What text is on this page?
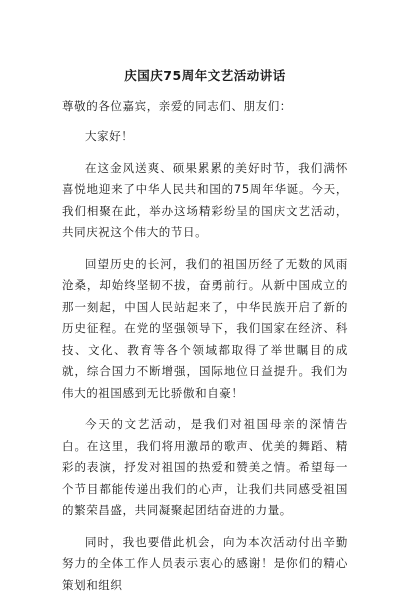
庆国庆75周年文艺活动讲话
尊敬的各位嘉宾，亲爱的同志们、朋友们：

大家好！

在这金风送爽、硕果累累的美好时节，我们满怀喜悦地迎来了中华人民共和国的75周年华诞。今天，我们相聚在此，举办这场精彩纷呈的国庆文艺活动，共同庆祝这个伟大的节日。

回望历史的长河，我们的祖国历经了无数的风雨沧桑，却始终坚韧不拔，奋勇前行。从新中国成立的那一刻起，中国人民站起来了，中华民族开启了新的历史征程。在党的坚强领导下，我们国家在经济、科技、文化、教育等各个领域都取得了举世瞩目的成就，综合国力不断增强，国际地位日益提升。我们为伟大的祖国感到无比骄傲和自豪！

今天的文艺活动，是我们对祖国母亲的深情告白。在这里，我们将用激昂的歌声、优美的舞蹈、精彩的表演，抒发对祖国的热爱和赞美之情。希望每一个节目都能传递出我们的心声，让我们共同感受祖国的繁荣昌盛，共同凝聚起团结奋进的力量。

同时，我也要借此机会，向为本次活动付出辛勤努力的全体工作人员表示衷心的感谢！是你们的精心策划和组织
